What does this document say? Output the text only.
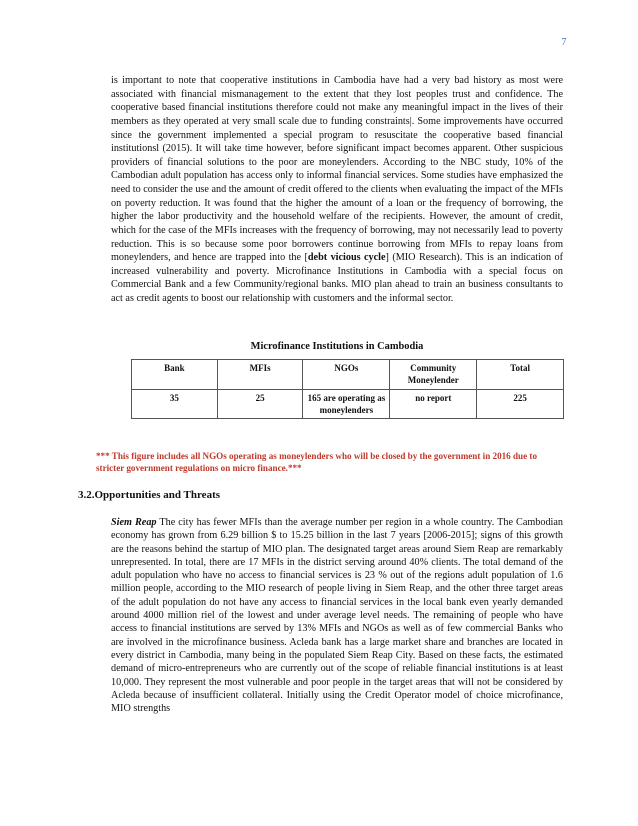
7

is important to note that cooperative institutions in Cambodia have had a very bad history as most were associated with financial mismanagement to the extent that they lost peoples trust and confidence. The cooperative based financial institutions therefore could not make any meaningful impact in the lives of their members as they operated at very small scale due to funding constraints|. Some improvements have occurred since the government implemented a special program to resuscitate the cooperative based financial institutionsl (2015). It will take time however, before significant impact becomes apparent. Other suspicious providers of financial solutions to the poor are moneylenders. According to the NBC study, 10% of the Cambodian adult population has access only to informal financial services. Some studies have emphasized the need to consider the use and the amount of credit offered to the clients when evaluating the impact of the MFIs on poverty reduction. It was found that the higher the amount of a loan or the frequency of borrowing, the higher the labor productivity and the household welfare of the recipients. However, the amount of credit, which for the case of the MFIs increases with the frequency of borrowing, may not necessarily lead to poverty reduction. This is so because some poor borrowers continue borrowing from MFIs to repay loans from moneylenders, and hence are trapped into the [debt vicious cycle] (MIO Research). This is an indication of increased vulnerability and poverty. Microfinance Institutions in Cambodia with a special focus on Commercial Bank and a few Community/regional banks. MIO plan ahead to train an business consultants to act as credit agents to boost our relationship with customers and the informal sector.

Microfinance Institutions in Cambodia
Bank	MFIs	NGOs	Community Moneylender	Total
35	25	165 are operating as moneylenders	no report	225
*** This figure includes all NGOs operating as moneylenders who will be closed by the government in 2016 due to stricter government regulations on micro finance.***
3.2.Opportunities and Threats

Siem Reap The city has fewer MFIs than the average number per region in a whole country. The Cambodian economy has grown from 6.29 billion $ to 15.25 billion in the last 7 years [2006-2015]; signs of this growth are the reasons behind the startup of MIO plan. The designated target areas around Siem Reap are remarkably unrepresented. In total, there are 17 MFIs in the district serving around 40% clients. The total demand of the adult population who have no access to financial services is 23 % out of the regions adult population of 1.6 million people, according to the MIO research of people living in Siem Reap, and the other three target areas of the adult population do not have any access to financial services in the local bank even yearly demanded around 4000 million riel of the lowest and under average level needs. The remaining of people who have access to financial institutions are served by 13% MFIs and NGOs as well as of few commercial Banks who are involved in the microfinance business. Acleda bank has a large market share and branches are located in every district in Cambodia, many being in the populated Siem Reap City. Based on these facts, the estimated demand of micro-entrepreneurs who are currently out of the scope of reliable financial institutions is at least 10,000. They represent the most vulnerable and poor people in the target areas that will not be considered by Acleda because of insufficient collateral. Initially using the Credit Operator model of choice microfinance, MIO strengths
